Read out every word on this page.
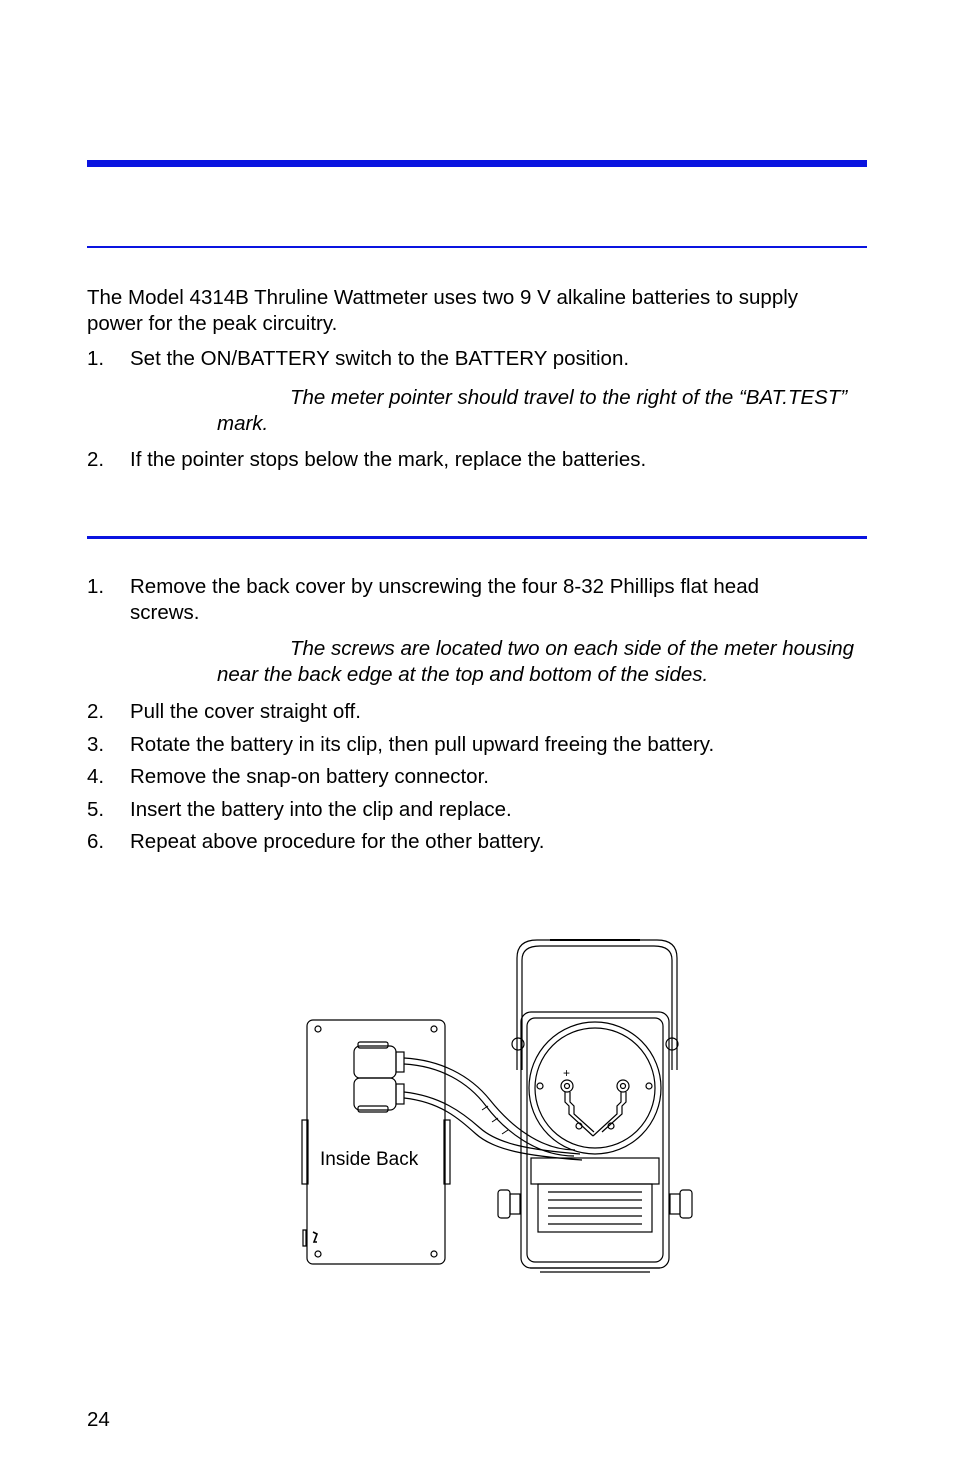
The Model 4314B Thruline Wattmeter uses two 9 V alkaline batteries to supply
power for the peak circuitry.
1. Set the ON/BATTERY switch to the BATTERY position.
The meter pointer should travel to the right of the “BAT.TEST”
mark.
2. If the pointer stops below the mark, replace the batteries.
1. Remove the back cover by unscrewing the four 8-32 Phillips flat head
screws.
The screws are located two on each side of the meter housing
near the back edge at the top and bottom of the sides.
2. Pull the cover straight off.
3. Rotate the battery in its clip, then pull upward freeing the battery.
4. Remove the snap-on battery connector.
5. Insert the battery into the clip and replace.
6. Repeat above procedure for the other battery.
+
Inside Back
24
